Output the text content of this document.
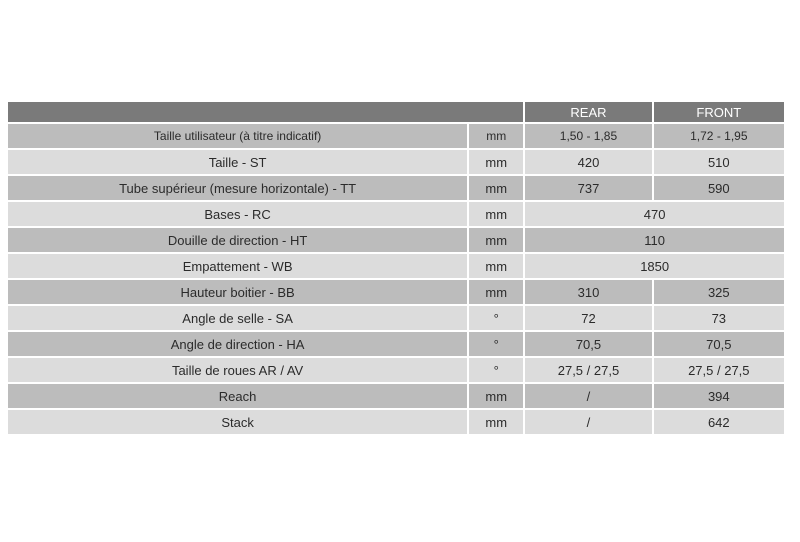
		REAR	FRONT
Taille utilisateur (à titre indicatif)	mm	1,50 - 1,85	1,72 - 1,95
Taille - ST	mm	420	510
Tube supérieur (mesure horizontale) - TT	mm	737	590
Bases - RC	mm	470	
Douille de direction - HT	mm	110	
Empattement - WB	mm	1850	
Hauteur boitier - BB	mm	310	325
Angle de selle - SA	°	72	73
Angle de direction - HA	°	70,5	70,5
Taille de roues AR / AV	°	27,5 / 27,5	27,5 / 27,5
Reach	mm	/	394
Stack	mm	/	642
